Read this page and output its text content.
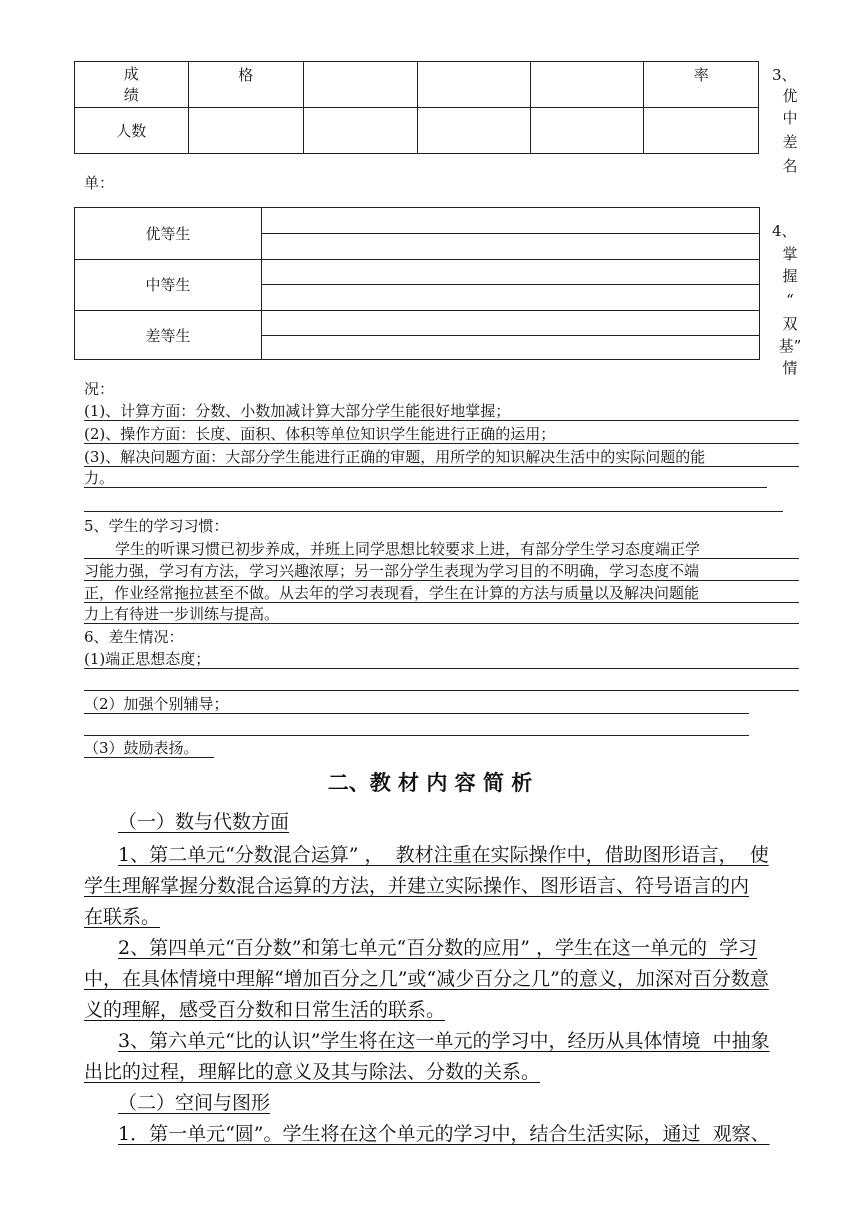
成
绩	格				率
人数					
3、
优
中
差
名
单：
优等生
中等生
差等生
4、
掌
握
“
双
基”
情
况：
(1)、计算方面：分数、小数加减计算大部分学生能很好地掌握；
(2)、操作方面：长度、面积、体积等单位知识学生能进行正确的运用；
(3)、解决问题方面：大部分学生能进行正确的审题，用所学的知识解决生活中的实际问题的能
力。
5、学生的学习习惯：
学生的听课习惯已初步养成，并班上同学思想比较要求上进，有部分学生学习态度端正学
习能力强，学习有方法，学习兴趣浓厚；另一部分学生表现为学习目的不明确，学习态度不端
正，作业经常拖拉甚至不做。从去年的学习表现看，学生在计算的方法与质量以及解决问题能
力上有待进一步训练与提高。
6、差生情况：
(1)端正思想态度；
（2）加强个别辅导；
（3）鼓励表扬。
二、教 材 内 容 简 析
（一）数与代数方面
1、第二单元“分数混合运算” ，  教材注重在实际操作中，借助图形语言，  使
学生理解掌握分数混合运算的方法，并建立实际操作、图形语言、符号语言的内
在联系。
2、第四单元“百分数”和第七单元“百分数的应用” ，学生在这一单元的  学习
中，在具体情境中理解“增加百分之几”或“减少百分之几”的意义，加深对百分数意
义的理解，感受百分数和日常生活的联系。
3、第六单元“比的认识”学生将在这一单元的学习中，经历从具体情境  中抽象
出比的过程，理解比的意义及其与除法、分数的关系。
（二）空间与图形
1．第一单元“圆”。学生将在这个单元的学习中，结合生活实际，通过  观察、
